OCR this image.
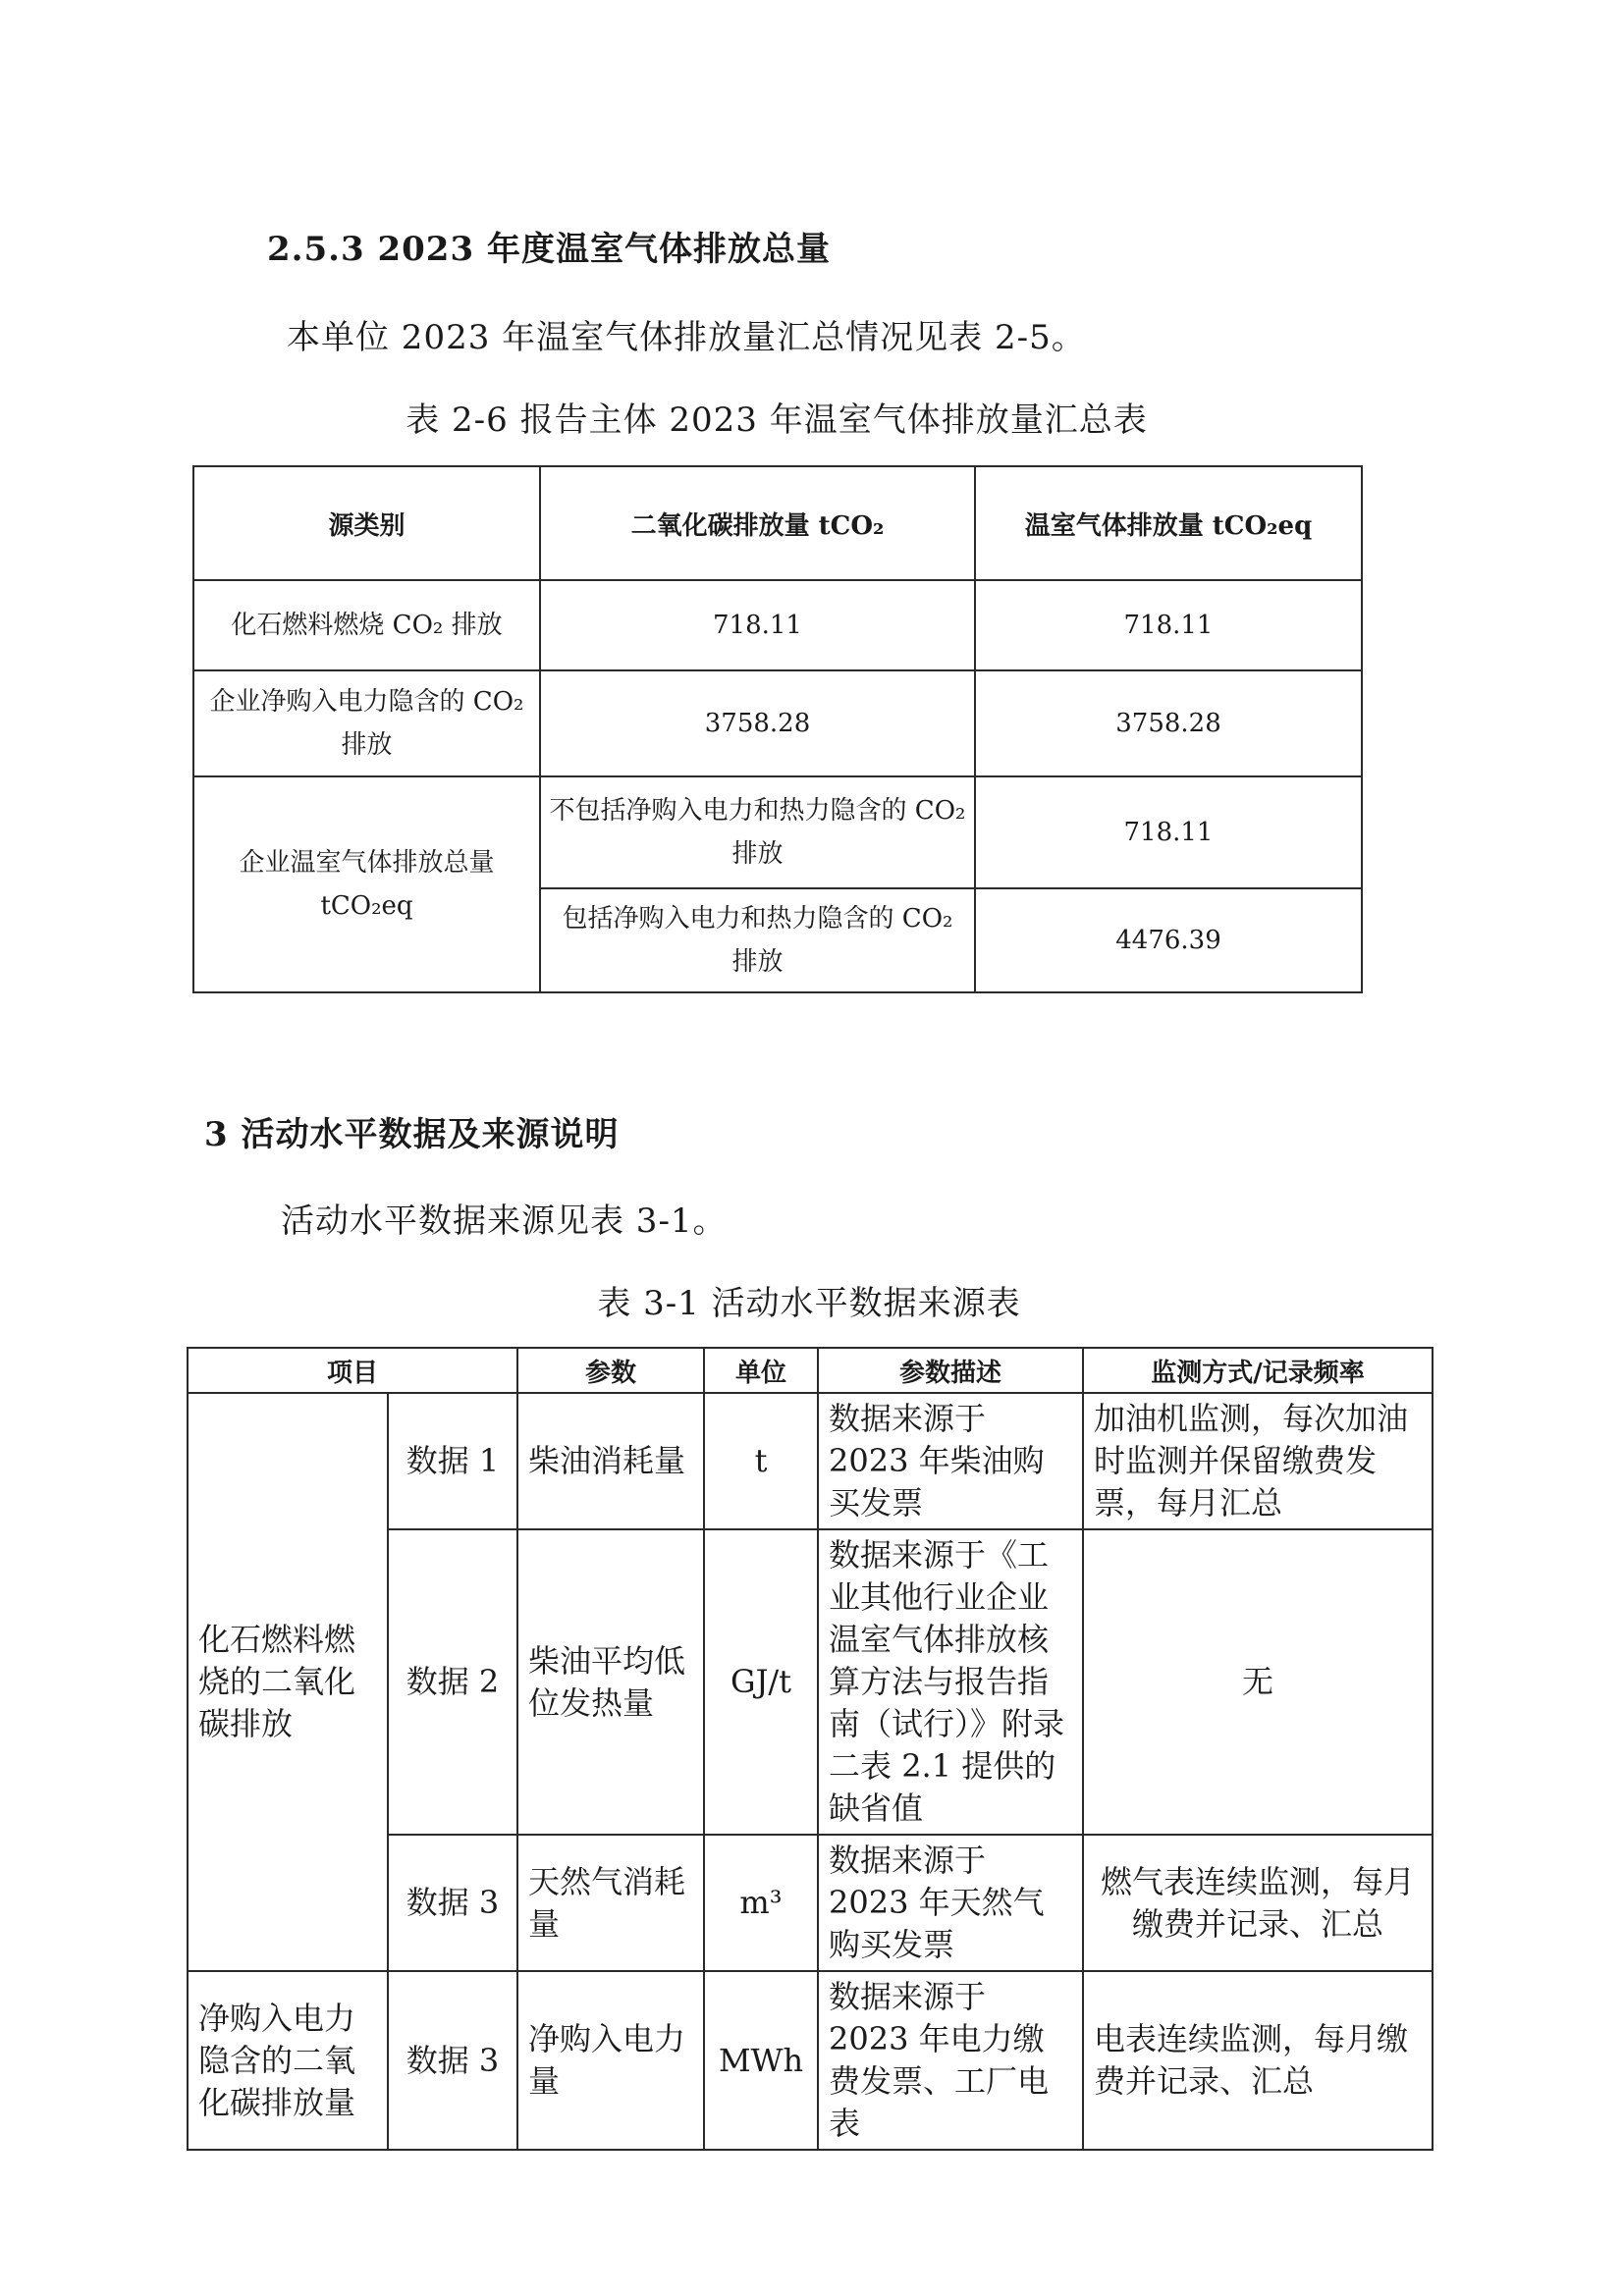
2.5.3 2023 年度温室气体排放总量
本单位 2023 年温室气体排放量汇总情况见表 2-5。
表 2-6 报告主体 2023 年温室气体排放量汇总表
源类别	二氧化碳排放量 tCO₂	温室气体排放量 tCO₂eq
化石燃料燃烧 CO₂ 排放	718.11	718.11
企业净购入电力隐含的 CO₂ 排放	3758.28	3758.28
企业温室气体排放总量 tCO₂eq	不包括净购入电力和热力隐含的 CO₂ 排放	718.11
	包括净购入电力和热力隐含的 CO₂ 排放	4476.39
3 活动水平数据及来源说明
活动水平数据来源见表 3-1。
表 3-1 活动水平数据来源表
项目		参数	单位	参数描述	监测方式/记录频率
化石燃料燃烧的二氧化碳排放	数据 1	柴油消耗量	t	数据来源于 2023 年柴油购买发票	加油机监测，每次加油时监测并保留缴费发票，每月汇总
	数据 2	柴油平均低位发热量	GJ/t	数据来源于《工业其他行业企业温室气体排放核算方法与报告指南（试行）》附录二表 2.1 提供的缺省值	无
	数据 3	天然气消耗量	m³	数据来源于 2023 年天然气购买发票	燃气表连续监测，每月缴费并记录、汇总
净购入电力隐含的二氧化碳排放量	数据 3	净购入电力量	MWh	数据来源于 2023 年电力缴费发票、工厂电表	电表连续监测，每月缴费并记录、汇总
